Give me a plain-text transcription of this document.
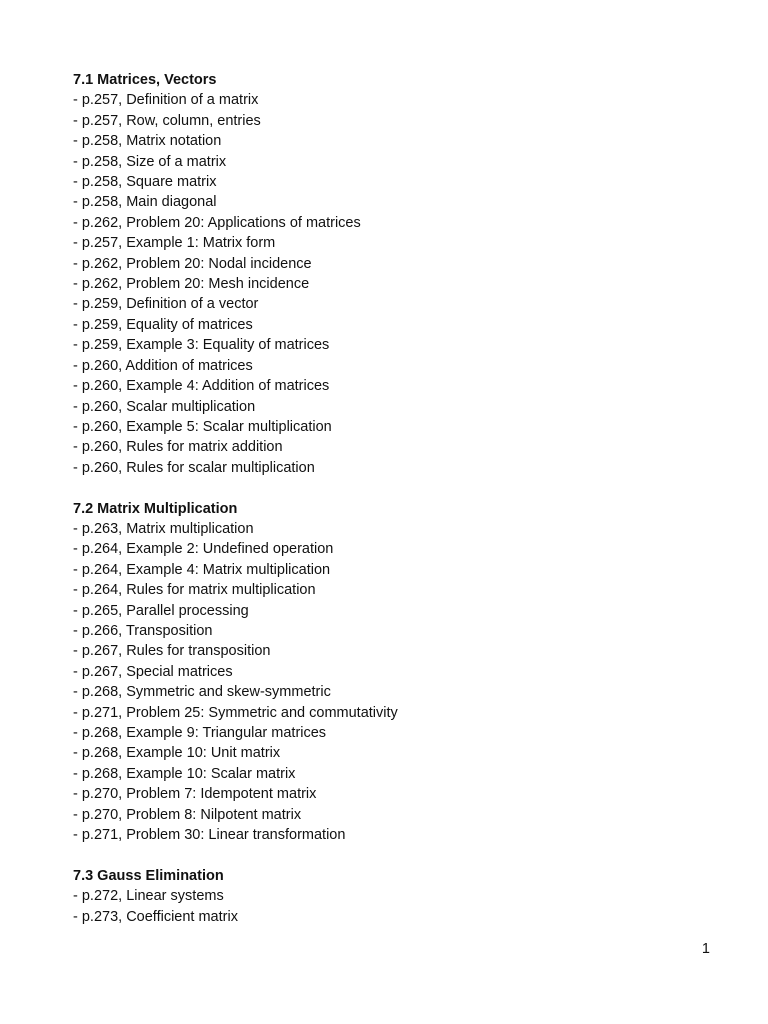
7.1 Matrices, Vectors
- p.257, Definition of a matrix
- p.257, Row, column, entries
- p.258, Matrix notation
- p.258, Size of a matrix
- p.258, Square matrix
- p.258, Main diagonal
- p.262, Problem 20: Applications of matrices
- p.257, Example 1: Matrix form
- p.262, Problem 20: Nodal incidence
- p.262, Problem 20: Mesh incidence
- p.259, Definition of a vector
- p.259, Equality of matrices
- p.259, Example 3: Equality of matrices
- p.260, Addition of matrices
- p.260, Example 4: Addition of matrices
- p.260, Scalar multiplication
- p.260, Example 5: Scalar multiplication
- p.260, Rules for matrix addition
- p.260, Rules for scalar multiplication
7.2 Matrix Multiplication
- p.263, Matrix multiplication
- p.264, Example 2: Undefined operation
- p.264, Example 4: Matrix multiplication
- p.264, Rules for matrix multiplication
- p.265, Parallel processing
- p.266, Transposition
- p.267, Rules for transposition
- p.267, Special matrices
- p.268, Symmetric and skew-symmetric
- p.271, Problem 25: Symmetric and commutativity
- p.268, Example 9: Triangular matrices
- p.268, Example 10: Unit matrix
- p.268, Example 10: Scalar matrix
- p.270, Problem 7: Idempotent matrix
- p.270, Problem 8: Nilpotent matrix
- p.271, Problem 30: Linear transformation
7.3 Gauss Elimination
- p.272, Linear systems
- p.273, Coefficient matrix
1
